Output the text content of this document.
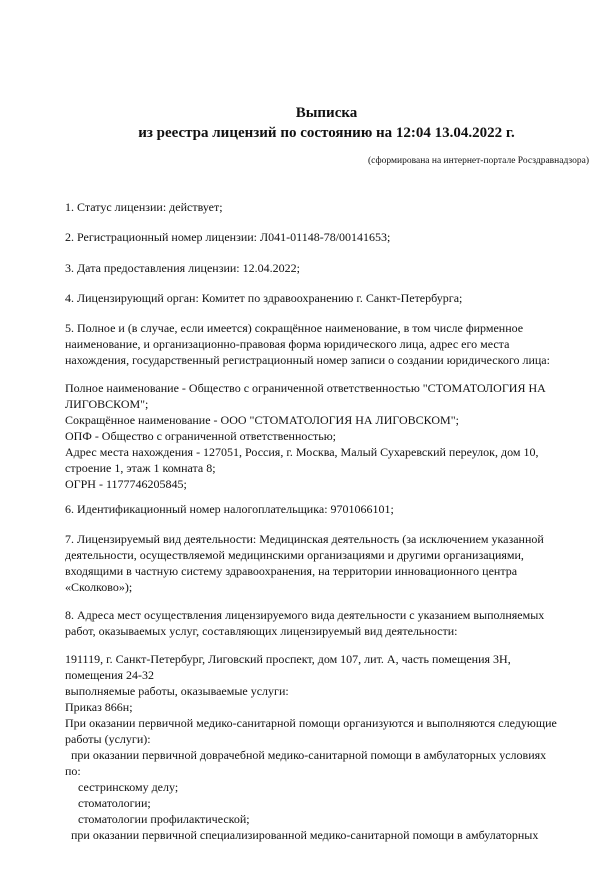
Выписка
из реестра лицензий по состоянию на 12:04 13.04.2022 г.
(сформирована на интернет-портале Росздравнадзора)

1. Статус лицензии: действует;

2. Регистрационный номер лицензии: Л041-01148-78/00141653;

3. Дата предоставления лицензии: 12.04.2022;

4. Лицензирующий орган: Комитет по здравоохранению г. Санкт-Петербурга;

5. Полное и (в случае, если имеется) сокращённое наименование, в том числе фирменное
наименование, и организационно-правовая форма юридического лица, адрес его места
нахождения, государственный регистрационный номер записи о создании юридического лица:

Полное наименование - Общество с ограниченной ответственностью "СТОМАТОЛОГИЯ НА
ЛИГОВСКОМ";
Сокращённое наименование - ООО "СТОМАТОЛОГИЯ НА ЛИГОВСКОМ";
ОПФ - Общество с ограниченной ответственностью;
Адрес места нахождения - 127051, Россия, г. Москва, Малый Сухаревский переулок, дом 10,
строение 1, этаж 1 комната 8;
ОГРН - 1177746205845;

6. Идентификационный номер налогоплательщика: 9701066101;

7. Лицензируемый вид деятельности: Медицинская деятельность (за исключением указанной
деятельности, осуществляемой медицинскими организациями и другими организациями,
входящими в частную систему здравоохранения, на территории инновационного центра
«Сколково»);

8. Адреса мест осуществления лицензируемого вида деятельности с указанием выполняемых
работ, оказываемых услуг, составляющих лицензируемый вид деятельности:

191119, г. Санкт-Петербург, Лиговский проспект, дом 107, лит. А, часть помещения 3Н,
помещения 24-32
выполняемые работы, оказываемые услуги:
Приказ 866н;
При оказании первичной медико-санитарной помощи организуются и выполняются следующие
работы (услуги):
при оказании первичной доврачебной медико-санитарной помощи в амбулаторных условиях
по:
сестринскому делу;
стоматологии;
стоматологии профилактической;
при оказании первичной специализированной медико-санитарной помощи в амбулаторных
